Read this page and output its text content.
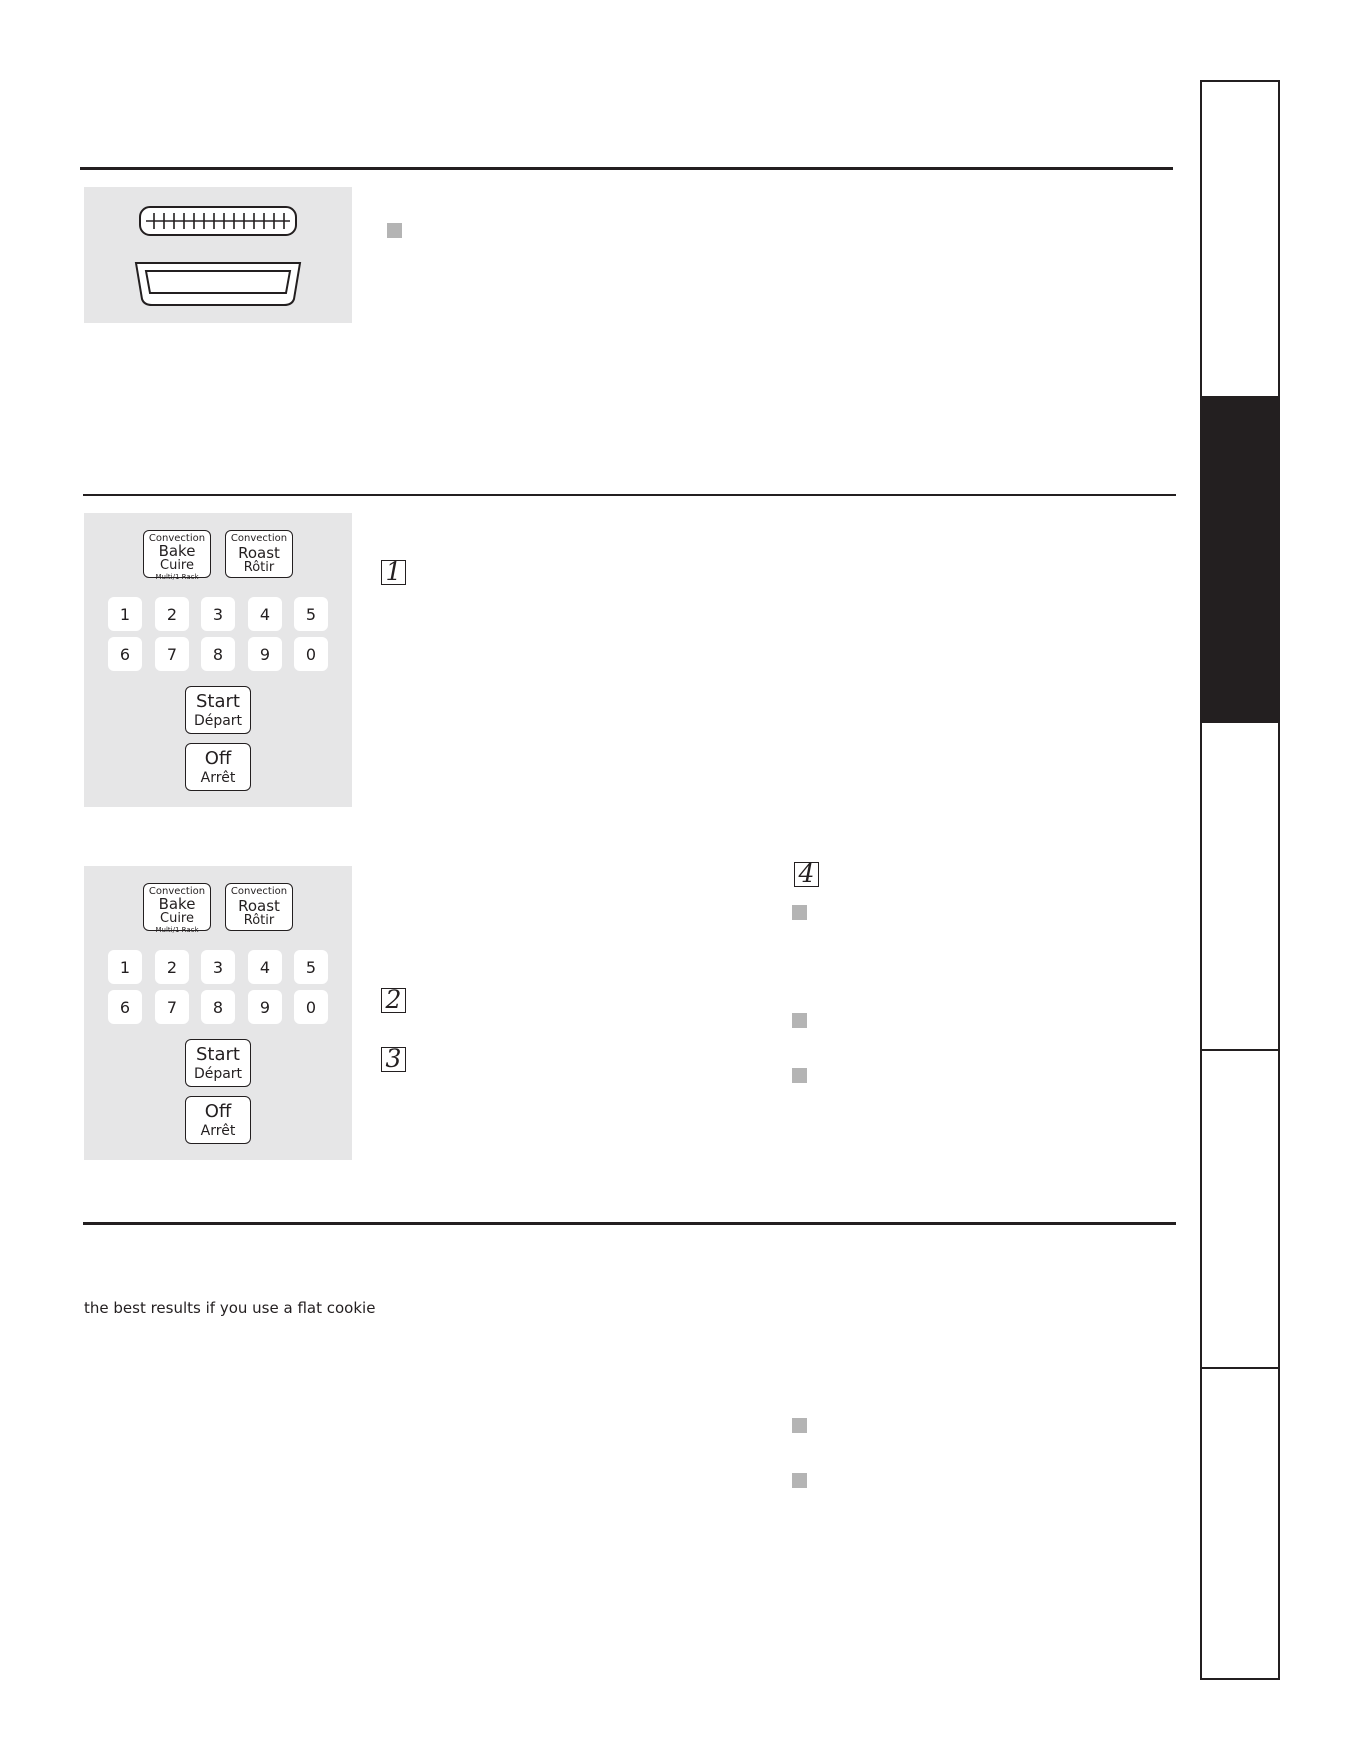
Convection
Bake
Cuire
Multi/1 Rack
Convection
Roast
Rôtir
1	2	3	4	5
6	7	8	9	0
Start
Départ
Off
Arrêt
1
Convection
Bake
Cuire
Multi/1 Rack
Convection
Roast
Rôtir
1	2	3	4	5
6	7	8	9	0
Start
Départ
Off
Arrêt
2
3
4
the best results if you use a flat cookie
